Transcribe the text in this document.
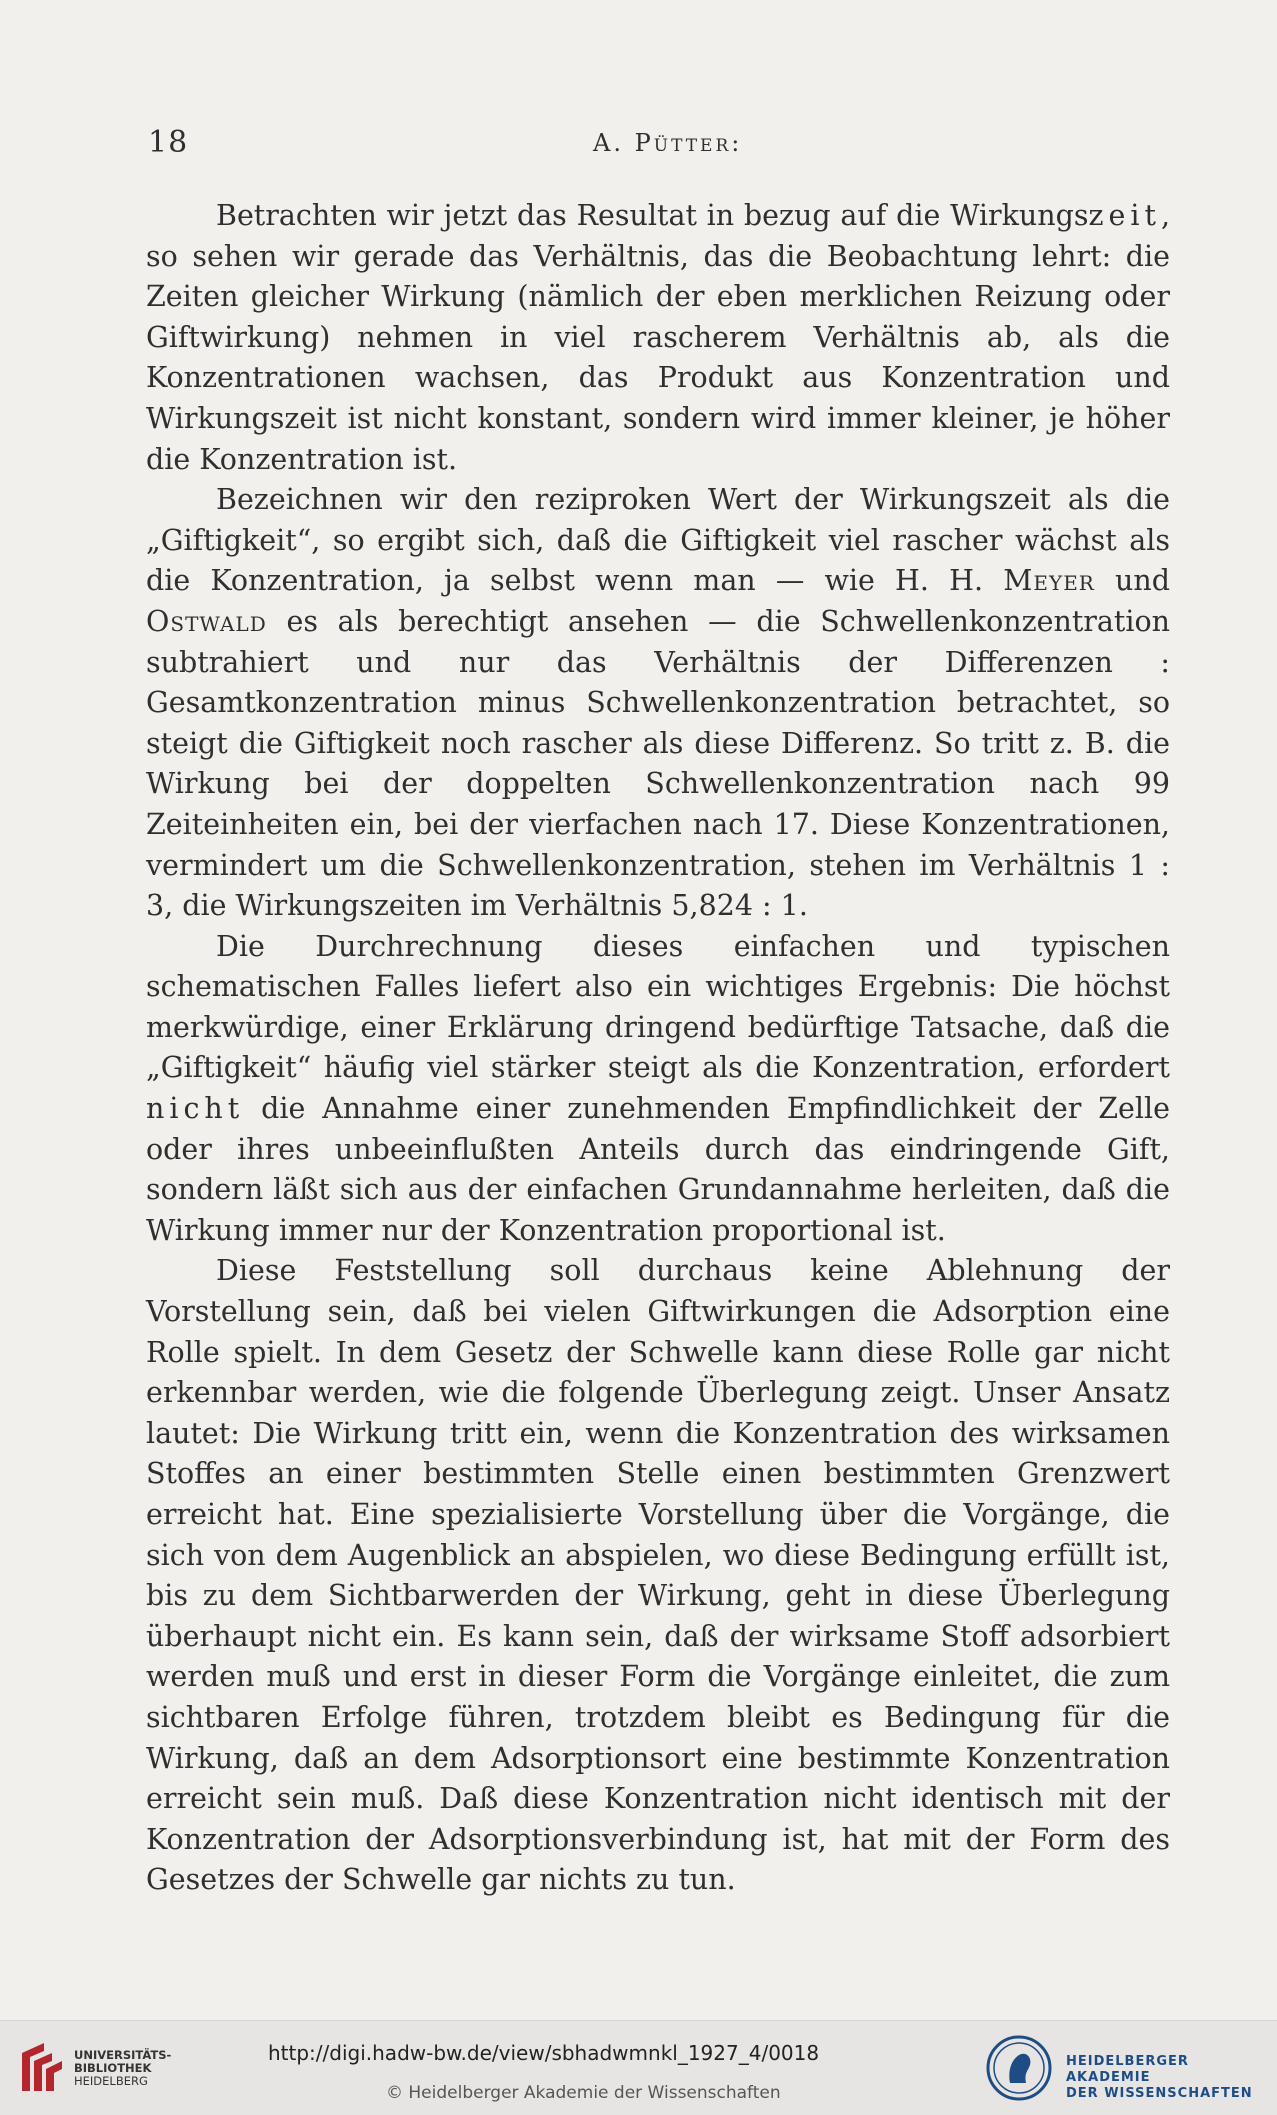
18	A. Pütter:

Betrachten wir jetzt das Resultat in bezug auf die Wirkungszeit, so sehen wir gerade das Verhältnis, das die Beobachtung lehrt: die Zeiten gleicher Wirkung (nämlich der eben merklichen Reizung oder Giftwirkung) nehmen in viel rascherem Verhältnis ab, als die Konzentrationen wachsen, das Produkt aus Konzentration und Wirkungszeit ist nicht konstant, sondern wird immer kleiner, je höher die Konzentration ist.

Bezeichnen wir den reziproken Wert der Wirkungszeit als die „Giftigkeit“, so ergibt sich, daß die Giftigkeit viel rascher wächst als die Konzentration, ja selbst wenn man — wie H. H. Meyer und Ostwald es als berechtigt ansehen — die Schwellenkonzentration subtrahiert und nur das Verhältnis der Differenzen : Gesamtkonzentration minus Schwellenkonzentration betrachtet, so steigt die Giftigkeit noch rascher als diese Differenz. So tritt z. B. die Wirkung bei der doppelten Schwellenkonzentration nach 99 Zeiteinheiten ein, bei der vierfachen nach 17. Diese Konzentrationen, vermindert um die Schwellenkonzentration, stehen im Verhältnis 1 : 3, die Wirkungszeiten im Verhältnis 5,824 : 1.

Die Durchrechnung dieses einfachen und typischen schematischen Falles liefert also ein wichtiges Ergebnis: Die höchst merkwürdige, einer Erklärung dringend bedürftige Tatsache, daß die „Giftigkeit“ häufig viel stärker steigt als die Konzentration, erfordert nicht die Annahme einer zunehmenden Empfindlichkeit der Zelle oder ihres unbeeinflußten Anteils durch das eindringende Gift, sondern läßt sich aus der einfachen Grundannahme herleiten, daß die Wirkung immer nur der Konzentration proportional ist.

Diese Feststellung soll durchaus keine Ablehnung der Vorstellung sein, daß bei vielen Giftwirkungen die Adsorption eine Rolle spielt. In dem Gesetz der Schwelle kann diese Rolle gar nicht erkennbar werden, wie die folgende Überlegung zeigt. Unser Ansatz lautet: Die Wirkung tritt ein, wenn die Konzentration des wirksamen Stoffes an einer bestimmten Stelle einen bestimmten Grenzwert erreicht hat. Eine spezialisierte Vorstellung über die Vorgänge, die sich von dem Augenblick an abspielen, wo diese Bedingung erfüllt ist, bis zu dem Sichtbarwerden der Wirkung, geht in diese Überlegung überhaupt nicht ein. Es kann sein, daß der wirksame Stoff adsorbiert werden muß und erst in dieser Form die Vorgänge einleitet, die zum sichtbaren Erfolge führen, trotzdem bleibt es Bedingung für die Wirkung, daß an dem Adsorptionsort eine bestimmte Konzentration erreicht sein muß. Daß diese Konzentration nicht identisch mit der Konzentration der Adsorptionsverbindung ist, hat mit der Form des Gesetzes der Schwelle gar nichts zu tun.

UNIVERSITÄTS-
BIBLIOTHEK
HEIDELBERG
http://digi.hadw-bw.de/view/sbhadwmnkl_1927_4/0018
© Heidelberger Akademie der Wissenschaften
HEIDELBERGER AKADEMIE
DER WISSENSCHAFTEN
